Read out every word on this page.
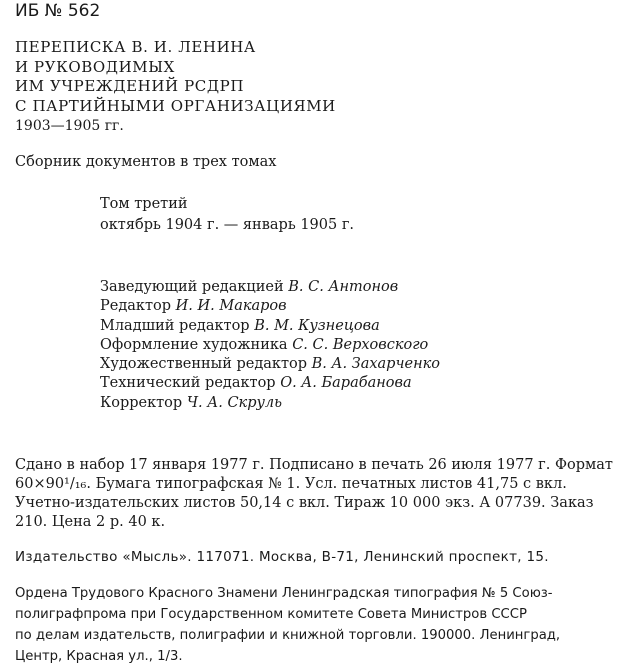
ИБ № 562
ПЕРЕПИСКА В. И. ЛЕНИНА
И РУКОВОДИМЫХ
ИМ УЧРЕЖДЕНИЙ РСДРП
С ПАРТИЙНЫМИ ОРГАНИЗАЦИЯМИ
1903—1905 гг.
Сборник документов в трех томах
Том третий
октябрь 1904 г. — январь 1905 г.
Заведующий редакцией В. С. Антонов
Редактор И. И. Макаров
Младший редактор В. М. Кузнецова
Оформление художника С. С. Верховского
Художественный редактор В. А. Захарченко
Технический редактор О. А. Барабанова
Корректор Ч. А. Скруль
Сдано в набор 17 января 1977 г. Подписано в печать 26 июля 1977 г. Формат
60×90¹/₁₆. Бумага типографская № 1. Усл. печатных листов 41,75 с вкл.
Учетно-издательских листов 50,14 с вкл. Тираж 10 000 экз. А 07739. Заказ
210. Цена 2 р. 40 к.
Издательство «Мысль». 117071. Москва, В-71, Ленинский проспект, 15.
Ордена Трудового Красного Знамени Ленинградская типография № 5 Союз-
полиграфпрома при Государственном комитете Совета Министров СССР
по делам издательств, полиграфии и книжной торговли. 190000. Ленинград,
Центр, Красная ул., 1/3.
